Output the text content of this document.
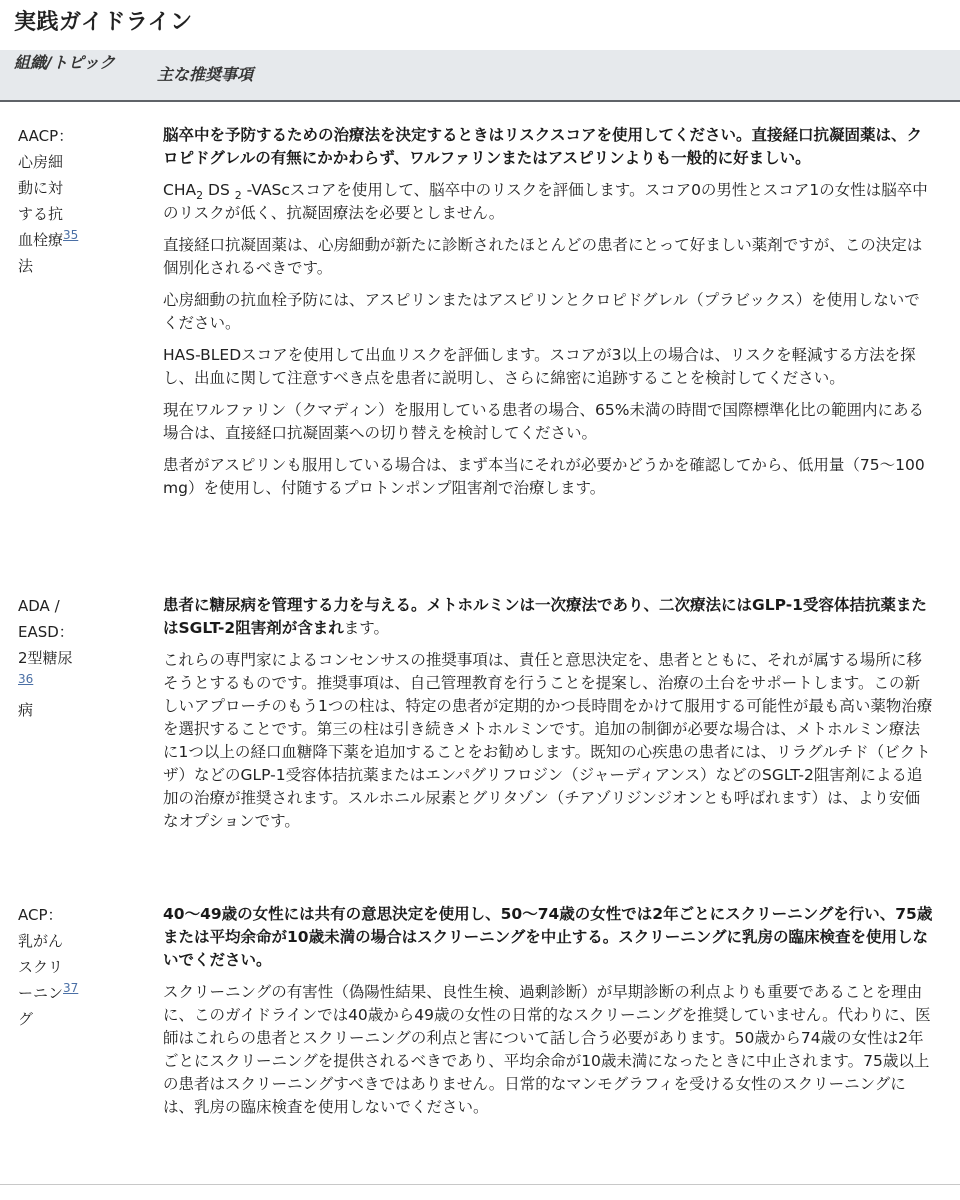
実践ガイドライン
組織/トピック
主な推奨事項
AACP：
心房細
動に対
する抗
血栓療$^{35}$
法

脳卒中を予防するための治療法を決定するときはリスクスコアを使用してください。直接経口抗凝固薬は、クロピドグレルの有無にかかわらず、ワルファリンまたはアスピリンよりも一般的に好ましい。

$CHA_2$ DS $_2$ -VAScスコアを使用して、脳卒中のリスクを評価します。スコア0の男性とスコア1の女性は脳卒中のリスクが低く、抗凝固療法を必要としません。

直接経口抗凝固薬は、心房細動が新たに診断されたほとんどの患者にとって好ましい薬剤ですが、この決定は個別化されるべきです。

心房細動の抗血栓予防には、アスピリンまたはアスピリンとクロピドグレル（プラビックス）を使用しないでください。

HAS-BLEDスコアを使用して出血リスクを評価します。スコアが3以上の場合は、リスクを軽減する方法を探し、出血に関して注意すべき点を患者に説明し、さらに綿密に追跡することを検討してください。

現在ワルファリン（クマディン）を服用している患者の場合、65%未満の時間で国際標準化比の範囲内にある場合は、直接経口抗凝固薬への切り替えを検討してください。

患者がアスピリンも服用している場合は、まず本当にそれが必要かどうかを確認してから、低用量（75〜100 mg）を使用し、付随するプロトンポンプ阻害剤で治療します。

ADA /
EASD：
2型糖尿$^{36}$
病

患者に糖尿病を管理する力を与える。メトホルミンは一次療法であり、二次療法にはGLP-1受容体拮抗薬またはSGLT-2阻害剤が含まれます。

これらの専門家によるコンセンサスの推奨事項は、責任と意思決定を、患者とともに、それが属する場所に移そうとするものです。推奨事項は、自己管理教育を行うことを提案し、治療の土台をサポートします。この新しいアプローチのもう1つの柱は、特定の患者が定期的かつ長時間をかけて服用する可能性が最も高い薬物治療を選択することです。第三の柱は引き続きメトホルミンです。追加の制御が必要な場合は、メトホルミン療法に1つ以上の経口血糖降下薬を追加することをお勧めします。既知の心疾患の患者には、リラグルチド（ビクトザ）などのGLP-1受容体拮抗薬またはエンパグリフロジン（ジャーディアンス）などのSGLT-2阻害剤による追加の治療が推奨されます。スルホニル尿素とグリタゾン（チアゾリジンジオンとも呼ばれます）は、より安価なオプションです。

ACP：
乳がん
スクリ
ーニン$^{37}$
グ

40〜49歳の女性には共有の意思決定を使用し、50〜74歳の女性では2年ごとにスクリーニングを行い、75歳または平均余命が10歳未満の場合はスクリーニングを中止する。スクリーニングに乳房の臨床検査を使用しないでください。

スクリーニングの有害性（偽陽性結果、良性生検、過剰診断）が早期診断の利点よりも重要であることを理由に、このガイドラインでは40歳から49歳の女性の日常的なスクリーニングを推奨していません。代わりに、医師はこれらの患者とスクリーニングの利点と害について話し合う必要があります。50歳から74歳の女性は2年ごとにスクリーニングを提供されるべきであり、平均余命が10歳未満になったときに中止されます。75歳以上の患者はスクリーニングすべきではありません。日常的なマンモグラフィを受ける女性のスクリーニングには、乳房の臨床検査を使用しないでください。
